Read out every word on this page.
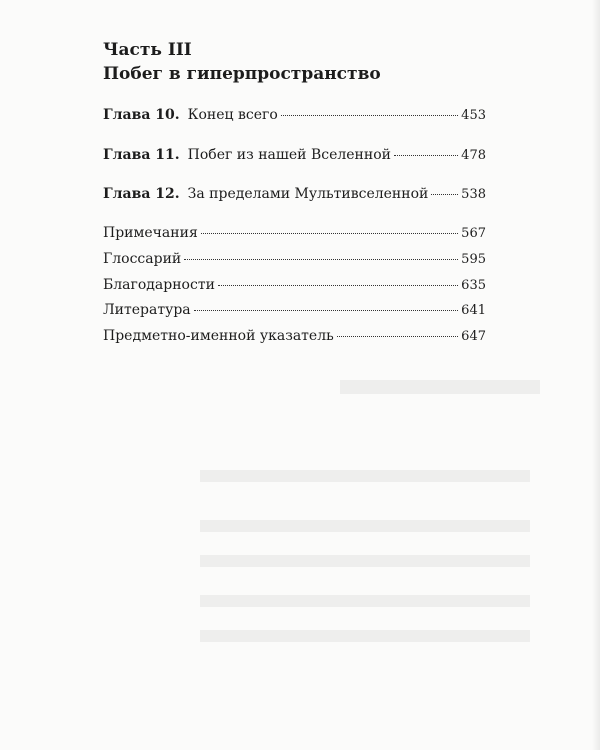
Часть III
Побег в гиперпространство
Глава 10. Конец всего	453
Глава 11. Побег из нашей Вселенной	478
Глава 12. За пределами Мультивселенной	538
Примечания	567
Глоссарий	595
Благодарности	635
Литература	641
Предметно-именной указатель	647
